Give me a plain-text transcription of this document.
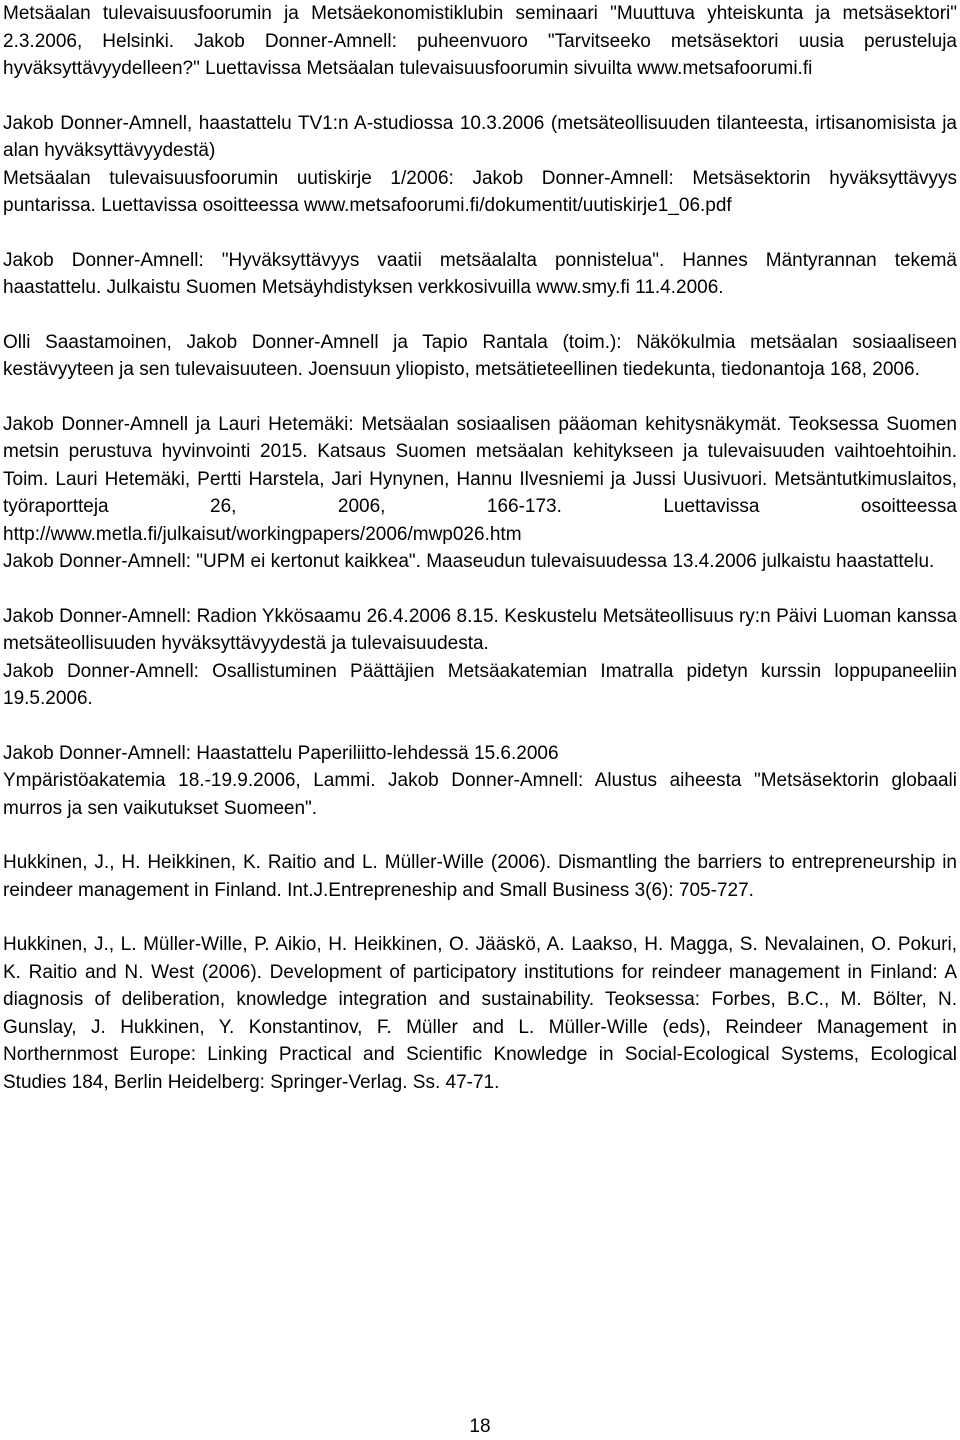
Metsäalan tulevaisuusfoorumin ja Metsäekonomistiklubin seminaari "Muuttuva yhteiskunta ja metsäsektori" 2.3.2006, Helsinki. Jakob Donner-Amnell: puheenvuoro "Tarvitseeko metsäsektori uusia perusteluja hyväksyttävyydelleen?" Luettavissa Metsäalan tulevaisuusfoorumin sivuilta www.metsafoorumi.fi

Jakob Donner-Amnell, haastattelu TV1:n A-studiossa 10.3.2006 (metsäteollisuuden tilanteesta, irtisanomisista ja alan hyväksyttävyydestä)

Metsäalan tulevaisuusfoorumin uutiskirje 1/2006: Jakob Donner-Amnell: Metsäsektorin hyväksyttävyys puntarissa. Luettavissa osoitteessa www.metsafoorumi.fi/dokumentit/uutiskirje1_06.pdf

Jakob Donner-Amnell: "Hyväksyttävyys vaatii metsäalalta ponnistelua". Hannes Mäntyrannan tekemä haastattelu. Julkaistu Suomen Metsäyhdistyksen verkkosivuilla www.smy.fi 11.4.2006.

Olli Saastamoinen, Jakob Donner-Amnell ja Tapio Rantala (toim.): Näkökulmia metsäalan sosiaaliseen kestävyyteen ja sen tulevaisuuteen. Joensuun yliopisto, metsätieteellinen tiedekunta, tiedonantoja 168, 2006.

Jakob Donner-Amnell ja Lauri Hetemäki: Metsäalan sosiaalisen pääoman kehitysnäkymät. Teoksessa Suomen metsin perustuva hyvinvointi 2015. Katsaus Suomen metsäalan kehitykseen ja tulevaisuuden vaihtoehtoihin. Toim. Lauri Hetemäki, Pertti Harstela, Jari Hynynen, Hannu Ilvesniemi ja Jussi Uusivuori. Metsäntutkimuslaitos, työraportteja 26, 2006, 166-173. Luettavissa osoitteessa http://www.metla.fi/julkaisut/workingpapers/2006/mwp026.htm

Jakob Donner-Amnell: "UPM ei kertonut kaikkea". Maaseudun tulevaisuudessa 13.4.2006 julkaistu haastattelu.

Jakob Donner-Amnell: Radion Ykkösaamu 26.4.2006 8.15. Keskustelu Metsäteollisuus ry:n Päivi Luoman kanssa metsäteollisuuden hyväksyttävyydestä ja tulevaisuudesta.

Jakob Donner-Amnell: Osallistuminen Päättäjien Metsäakatemian Imatralla pidetyn kurssin loppupaneeliin 19.5.2006.

Jakob Donner-Amnell: Haastattelu Paperiliitto-lehdessä 15.6.2006

Ympäristöakatemia 18.-19.9.2006, Lammi. Jakob Donner-Amnell: Alustus aiheesta "Metsäsektorin globaali murros ja sen vaikutukset Suomeen".

Hukkinen, J., H. Heikkinen, K. Raitio and L. Müller-Wille (2006). Dismantling the barriers to entrepreneurship in reindeer management in Finland. Int.J.Entrepreneship and Small Business 3(6): 705-727.

Hukkinen, J., L. Müller-Wille, P. Aikio, H. Heikkinen, O. Jääskö, A. Laakso, H. Magga, S. Nevalainen, O. Pokuri, K. Raitio and N. West (2006). Development of participatory institutions for reindeer management in Finland: A diagnosis of deliberation, knowledge integration and sustainability. Teoksessa: Forbes, B.C., M. Bölter, N. Gunslay, J. Hukkinen, Y. Konstantinov, F. Müller and L. Müller-Wille (eds), Reindeer Management in Northernmost Europe: Linking Practical and Scientific Knowledge in Social-Ecological Systems, Ecological Studies 184, Berlin Heidelberg: Springer-Verlag. Ss. 47-71.

18
